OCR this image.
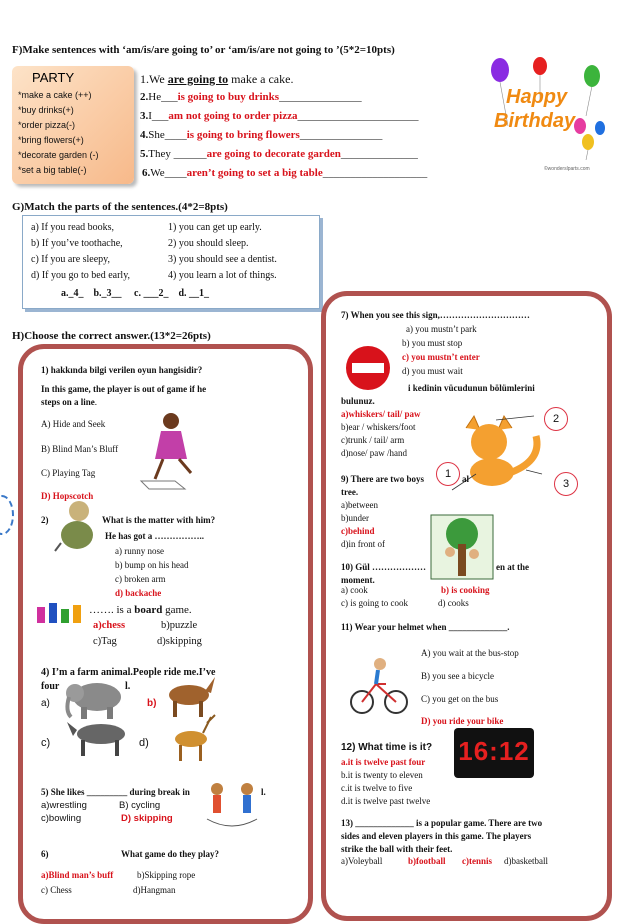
F)Make sentences with ‘am/is/are going to’ or ‘am/is/are not going to ’(5*2=10pts)
PARTY
*make a cake (++)
*buy drinks(+)
*order pizza(-)
*bring flowers(+)
*decorate garden (-)
*set a big table(-)
1.We are going to make a cake.
2.He___is going to buy drinks_______________
3.I___am not going to order pizza______________________
4.She____is going to bring flowers_______________
5.They ______are going to decorate garden______________
6.We____aren’t going to set a big table___________________
Happy
Birthday
©wonderslparts.com
G)Match the parts of the sentences.(4*2=8pts)
a) If you read books,	1) you can get up early.
b) If you’ve toothache,	2) you should sleep.
c) If you are sleepy,	3) you should see a dentist.
d) If you go to bed early,	4) you learn a lot of things.
a._4_    b._3__     c. ___2_    d. __1_
H)Choose the correct answer.(13*2=26pts)
1) hakkında bilgi verilen oyun hangisidir?
In this game, the player is out of game if he
steps on a line.
A) Hide and Seek
B) Blind Man’s Bluff
C) Playing Tag
D) Hopscotch
2)	What is the matter with him?
He has got a ……………..
a) runny nose
b) bump on his head
c) broken arm
d) backache
……. is a board game.
a)chess	b)puzzle
c)Tag	d)skipping
4) I’m a farm animal.People ride me.I’ve
four	l.
a)	b)
c)	d)
5) She likes _________ during break in	l.
a)wrestling	B) cycling
c)bowling	D) skipping
6)	What game do they play?
a)Blind man’s buff	b)Skipping rope
c) Chess	d)Hangman
7) When you see this sign,…………………………
a) you mustn’t park
b) you must stop
c) you mustn’t enter
d) you must wait
i kedinin vücudunun bölümlerini
bulunuz.
a)whiskers/ tail/ paw
b)ear / whiskers/foot
c)trunk / tail/ arm
d)nose/ paw /hand
2
1
3
9) There are two boys	al
tree.
a)between
b)under
c)behind
d)in front of
10) Gül ………………	en at the
moment.
a) cook	b) is cooking
c) is going to cook	d) cooks
11) Wear your helmet when _____________.
A) you wait at the bus-stop
B) you see a bicycle
C) you get on the bus
D) you ride your bike
12) What time is it?
a.it is twelve past four
b.it is twenty to eleven
c.it is twelve to five
d.it is twelve past twelve
16:12
13) _____________ is a popular game. There are two
sides and eleven players in this game. The players
strike the ball with their feet.
a)Voleyball	b)football c)tennis d)basketball
